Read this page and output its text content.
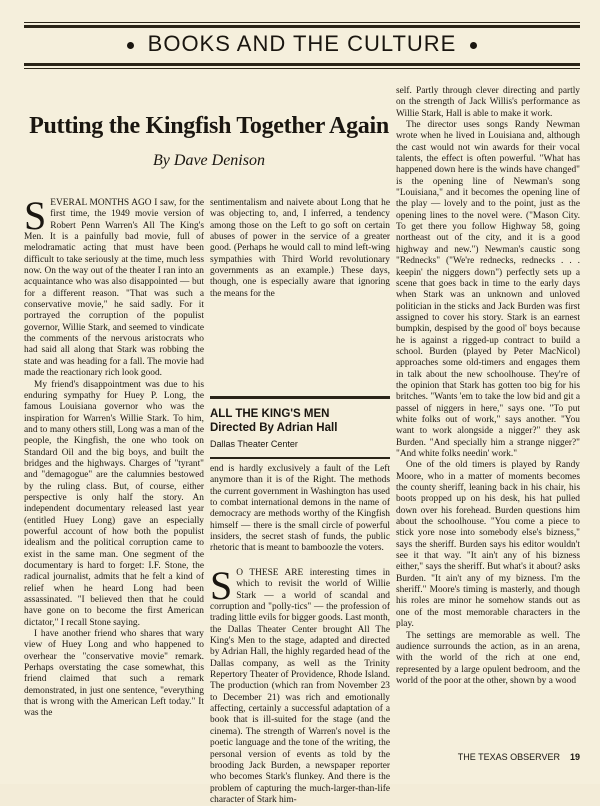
BOOKS AND THE CULTURE
Putting the Kingfish Together Again
By Dave Denison

SEVERAL MONTHS AGO I saw, for the first time, the 1949 movie version of Robert Penn Warren's All The King's Men. It is a painfully bad movie, full of melodramatic acting that must have been difficult to take seriously at the time, much less now. On the way out of the theater I ran into an acquaintance who was also disappointed — but for a different reason. "That was such a conservative movie," he said sadly. For it portrayed the corruption of the populist governor, Willie Stark, and seemed to vindicate the comments of the nervous aristocrats who had said all along that Stark was robbing the state and was heading for a fall. The movie had made the reactionary rich look good.

My friend's disappointment was due to his enduring sympathy for Huey P. Long, the famous Louisiana governor who was the inspiration for Warren's Willie Stark. To him, and to many others still, Long was a man of the people, the Kingfish, the one who took on Standard Oil and the big boys, and built the bridges and the highways. Charges of "tyrant" and "demagogue" are the calumnies bestowed by the ruling class. But, of course, either perspective is only half the story. An independent documentary released last year (entitled Huey Long) gave an especially powerful account of how both the populist idealism and the political corruption came to exist in the same man. One segment of the documentary is hard to forget: I.F. Stone, the radical journalist, admits that he felt a kind of relief when he heard Long had been assassinated. "I believed then that he could have gone on to become the first American dictator," I recall Stone saying.

I have another friend who shares that wary view of Huey Long and who happened to overhear the "conservative movie" remark. Perhaps overstating the case somewhat, this friend claimed that such a remark demonstrated, in just one sentence, "everything that is wrong with the American Left today." It was the

sentimentalism and naivete about Long that he was objecting to, and, I inferred, a tendency among those on the Left to go soft on certain abuses of power in the service of a greater good. (Perhaps he would call to mind left-wing sympathies with Third World revolutionary governments as an example.) These days, though, one is especially aware that ignoring the means for the

ALL THE KING'S MEN
Directed By Adrian Hall
Dallas Theater Center

end is hardly exclusively a fault of the Left anymore than it is of the Right. The methods the current government in Washington has used to combat international demons in the name of democracy are methods worthy of the Kingfish himself — there is the small circle of powerful insiders, the secret stash of funds, the public rhetoric that is meant to bamboozle the voters.

S O THESE ARE interesting times in which to revisit the world of Willie Stark — a world of scandal and corruption and "polly-tics" — the profession of trading little evils for bigger goods. Last month, the Dallas Theater Center brought All The King's Men to the stage, adapted and directed by Adrian Hall, the highly regarded head of the Dallas company, as well as the Trinity Repertory Theater of Providence, Rhode Island. The production (which ran from November 23 to December 21) was rich and emotionally affecting, certainly a successful adaptation of a book that is ill-suited for the stage (and the cinema). The strength of Warren's novel is the poetic language and the tone of the writing, the personal version of events as told by the brooding Jack Burden, a newspaper reporter who becomes Stark's flunkey. And there is the problem of capturing the much-larger-than-life character of Stark him-

self. Partly through clever directing and partly on the strength of Jack Willis's performance as Willie Stark, Hall is able to make it work.

The director uses songs Randy Newman wrote when he lived in Louisiana and, although the cast would not win awards for their vocal talents, the effect is often powerful. "What has happened down here is the winds have changed" is the opening line of Newman's song "Louisiana," and it becomes the opening line of the play — lovely and to the point, just as the opening lines to the novel were. ("Mason City. To get there you follow Highway 58, going northeast out of the city, and it is a good highway and new.") Newman's caustic song "Rednecks" ("We're rednecks, rednecks . . . keepin' the niggers down") perfectly sets up a scene that goes back in time to the early days when Stark was an unknown and unloved politician in the sticks and Jack Burden was first assigned to cover his story. Stark is an earnest bumpkin, despised by the good ol' boys because he is against a rigged-up contract to build a school. Burden (played by Peter MacNicol) approaches some old-timers and engages them in talk about the new schoolhouse. They're of the opinion that Stark has gotten too big for his britches. "Wants 'em to take the low bid and git a passel of niggers in here," says one. "To put white folks out of work," says another. "You want to work alongside a nigger?" they ask Burden. "And specially him a strange nigger?" "And white folks needin' work."

One of the old timers is played by Randy Moore, who in a matter of moments becomes the county sheriff, leaning back in his chair, his boots propped up on his desk, his hat pulled down over his forehead. Burden questions him about the schoolhouse. "You come a piece to stick yore nose into somebody else's bizness," says the sheriff. Burden says his editor wouldn't see it that way. "It ain't any of his bizness either," says the sheriff. But what's it about? asks Burden. "It ain't any of my bizness. I'm the sheriff." Moore's timing is masterly, and though his roles are minor he somehow stands out as one of the most memorable characters in the play.

The settings are memorable as well. The audience surrounds the action, as in an arena, with the world of the rich at one end, represented by a large opulent bedroom, and the world of the poor at the other, shown by a wood

THE TEXAS OBSERVER 19
